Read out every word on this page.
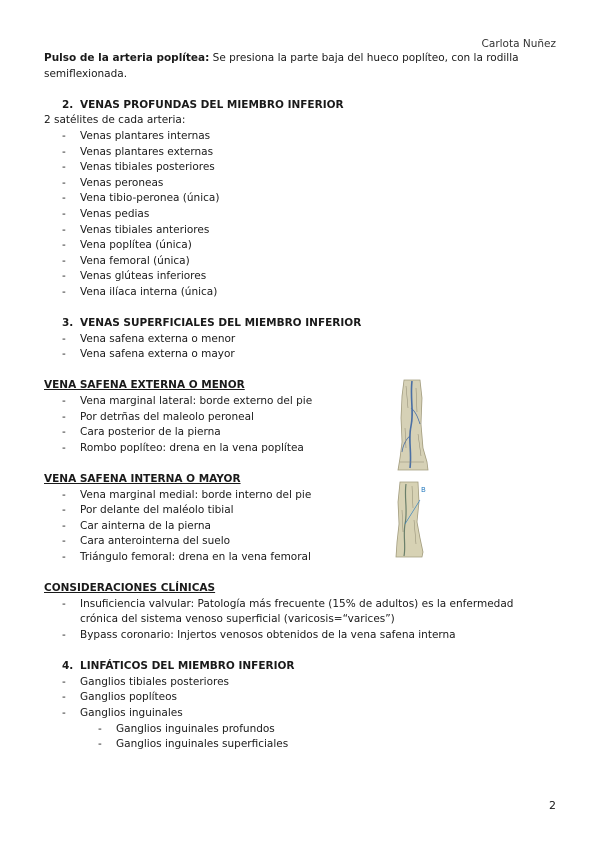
Carlota Nuñez

Pulso de la arteria poplítea: Se presiona la parte baja del hueco poplíteo, con la rodilla semiflexionada.

2. VENAS PROFUNDAS DEL MIEMBRO INFERIOR

2 satélites de cada arteria:

- Venas plantares internas
- Venas plantares externas
- Venas tibiales posteriores
- Venas peroneas
- Vena tibio-peronea (única)
- Venas pedias
- Venas tibiales anteriores
- Vena poplítea (única)
- Vena femoral (única)
- Venas glúteas inferiores
- Vena ilíaca interna (única)
3. VENAS SUPERFICIALES DEL MIEMBRO INFERIOR
- Vena safena externa o menor
- Vena safena externa o mayor
VENA SAFENA EXTERNA O MENOR
- Vena marginal lateral: borde externo del pie
- Por detrñas del maleolo peroneal
- Cara posterior de la pierna
- Rombo poplíteo: drena en la vena poplítea
VENA SAFENA INTERNA O MAYOR
- Vena marginal medial: borde interno del pie
- Por delante del maléolo tibial
- Car ainterna de la pierna
- Cara anterointerna del suelo
- Triángulo femoral: drena en la vena femoral
CONSIDERACIONES CLÍNICAS
- Insuficiencia valvular: Patología más frecuente (15% de adultos) es la enfermedad crónica del sistema venoso superficial (varicosis=“varices”)
- Bypass coronario: Injertos venosos obtenidos de la vena safena interna
4. LINFÁTICOS DEL MIEMBRO INFERIOR
- Ganglios tibiales posteriores
- Ganglios poplíteos
- Ganglios inguinales
- Ganglios inguinales profundos
- Ganglios inguinales superficiales
B
2
